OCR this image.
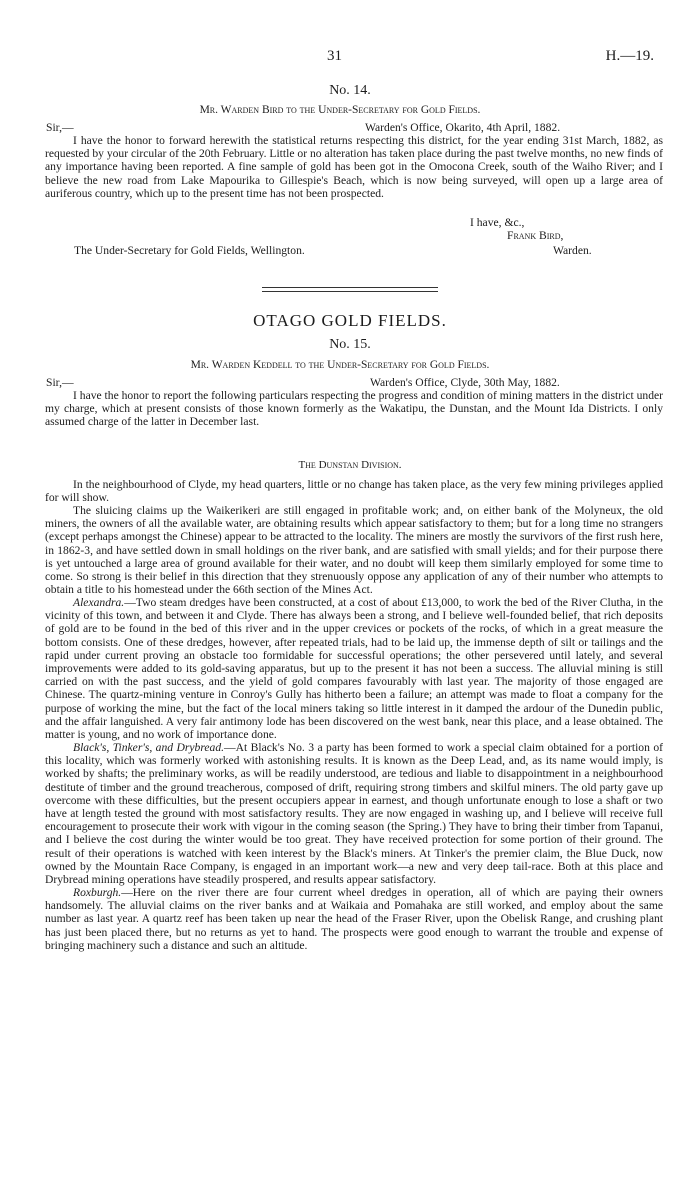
31	H.—19.
No. 14.
Mr. Warden Bird to the Under-Secretary for Gold Fields.
Sir,—	Warden's Office, Okarito, 4th April, 1882.
I have the honor to forward herewith the statistical returns respecting this district, for the year ending 31st March, 1882, as requested by your circular of the 20th February. Little or no alteration has taken place during the past twelve months, no new finds of any importance having been reported. A fine sample of gold has been got in the Omocona Creek, south of the Waiho River; and I believe the new road from Lake Mapourika to Gillespie's Beach, which is now being surveyed, will open up a large area of auriferous country, which up to the present time has not been prospected.
I have, &c.,
Frank Bird,
The Under-Secretary for Gold Fields, Wellington.	Warden.
OTAGO GOLD FIELDS.
No. 15.
Mr. Warden Keddell to the Under-Secretary for Gold Fields.
Sir,—	Warden's Office, Clyde, 30th May, 1882.
I have the honor to report the following particulars respecting the progress and condition of mining matters in the district under my charge, which at present consists of those known formerly as the Wakatipu, the Dunstan, and the Mount Ida Districts. I only assumed charge of the latter in December last.
The Dunstan Division.
In the neighbourhood of Clyde, my head quarters, little or no change has taken place, as the very few mining privileges applied for will show.
The sluicing claims up the Waikerikeri are still engaged in profitable work; and, on either bank of the Molyneux, the old miners, the owners of all the available water, are obtaining results which appear satisfactory to them; but for a long time no strangers (except perhaps amongst the Chinese) appear to be attracted to the locality. The miners are mostly the survivors of the first rush here, in 1862-3, and have settled down in small holdings on the river bank, and are satisfied with small yields; and for their purpose there is yet untouched a large area of ground available for their water, and no doubt will keep them similarly employed for some time to come. So strong is their belief in this direction that they strenuously oppose any application of any of their number who attempts to obtain a title to his homestead under the 66th section of the Mines Act.
Alexandra.—Two steam dredges have been constructed, at a cost of about £13,000, to work the bed of the River Clutha, in the vicinity of this town, and between it and Clyde. There has always been a strong, and I believe well-founded belief, that rich deposits of gold are to be found in the bed of this river and in the upper crevices or pockets of the rocks, of which in a great measure the bottom consists. One of these dredges, however, after repeated trials, had to be laid up, the immense depth of silt or tailings and the rapid under current proving an obstacle too formidable for successful operations; the other persevered until lately, and several improvements were added to its gold-saving apparatus, but up to the present it has not been a success. The alluvial mining is still carried on with the past success, and the yield of gold compares favourably with last year. The majority of those engaged are Chinese. The quartz-mining venture in Conroy's Gully has hitherto been a failure; an attempt was made to float a company for the purpose of working the mine, but the fact of the local miners taking so little interest in it damped the ardour of the Dunedin public, and the affair languished. A very fair antimony lode has been discovered on the west bank, near this place, and a lease obtained. The matter is young, and no work of importance done.
Black's, Tinker's, and Drybread.—At Black's No. 3 a party has been formed to work a special claim obtained for a portion of this locality, which was formerly worked with astonishing results. It is known as the Deep Lead, and, as its name would imply, is worked by shafts; the preliminary works, as will be readily understood, are tedious and liable to disappointment in a neighbourhood destitute of timber and the ground treacherous, composed of drift, requiring strong timbers and skilful miners. The old party gave up overcome with these difficulties, but the present occupiers appear in earnest, and though unfortunate enough to lose a shaft or two have at length tested the ground with most satisfactory results. They are now engaged in washing up, and I believe will receive full encouragement to prosecute their work with vigour in the coming season (the Spring.) They have to bring their timber from Tapanui, and I believe the cost during the winter would be too great. They have received protection for some portion of their ground. The result of their operations is watched with keen interest by the Black's miners. At Tinker's the premier claim, the Blue Duck, now owned by the Mountain Race Company, is engaged in an important work—a new and very deep tail-race. Both at this place and Drybread mining operations have steadily prospered, and results appear satisfactory.
Roxburgh.—Here on the river there are four current wheel dredges in operation, all of which are paying their owners handsomely. The alluvial claims on the river banks and at Waikaia and Pomahaka are still worked, and employ about the same number as last year. A quartz reef has been taken up near the head of the Fraser River, upon the Obelisk Range, and crushing plant has just been placed there, but no returns as yet to hand. The prospects were good enough to warrant the trouble and expense of bringing machinery such a distance and such an altitude.
